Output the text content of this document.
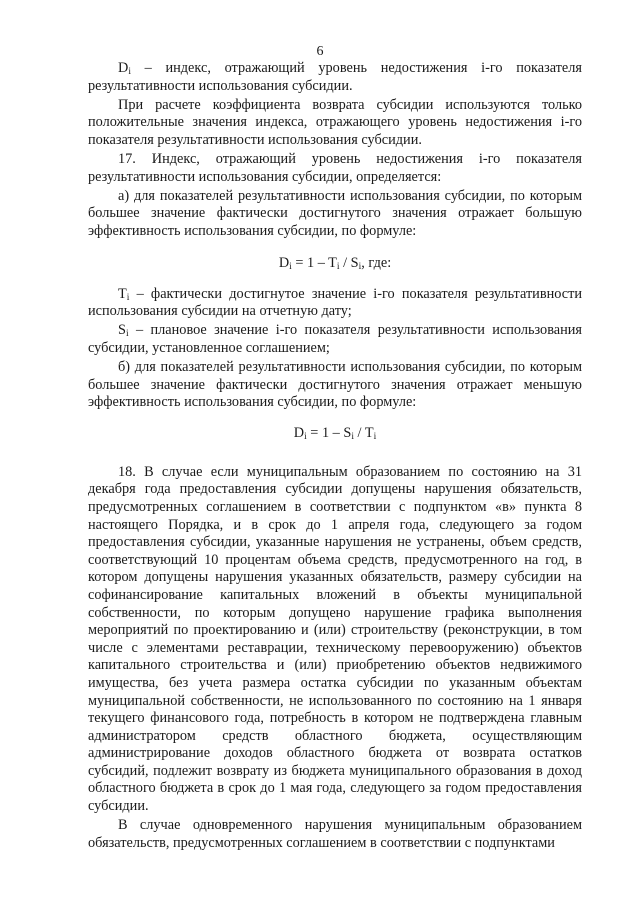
6

$D_i$ – индекс, отражающий уровень недостижения i-го показателя результативности использования субсидии.

При расчете коэффициента возврата субсидии используются только положительные значения индекса, отражающего уровень недостижения i-го показателя результативности использования субсидии.

17. Индекс, отражающий уровень недостижения i-го показателя результативности использования субсидии, определяется:

а) для показателей результативности использования субсидии, по которым большее значение фактически достигнутого значения отражает большую эффективность использования субсидии, по формуле:

$D_i = 1 - T_i / S_i$, где:

$T_i$ – фактически достигнутое значение i-го показателя результативности использования субсидии на отчетную дату;

$S_i$ – плановое значение i-го показателя результативности использования субсидии, установленное соглашением;

б) для показателей результативности использования субсидии, по которым большее значение фактически достигнутого значения отражает меньшую эффективность использования субсидии, по формуле:

$D_i = 1 - S_i / T_i$

18. В случае если муниципальным образованием по состоянию на 31 декабря года предоставления субсидии допущены нарушения обязательств, предусмотренных соглашением в соответствии с подпунктом «в» пункта 8 настоящего Порядка, и в срок до 1 апреля года, следующего за годом предоставления субсидии, указанные нарушения не устранены, объем средств, соответствующий 10 процентам объема средств, предусмотренного на год, в котором допущены нарушения указанных обязательств, размеру субсидии на софинансирование капитальных вложений в объекты муниципальной собственности, по которым допущено нарушение графика выполнения мероприятий по проектированию и (или) строительству (реконструкции, в том числе с элементами реставрации, техническому перевооружению) объектов капитального строительства и (или) приобретению объектов недвижимого имущества, без учета размера остатка субсидии по указанным объектам муниципальной собственности, не использованного по состоянию на 1 января текущего финансового года, потребность в котором не подтверждена главным администратором средств областного бюджета, осуществляющим администрирование доходов областного бюджета от возврата остатков субсидий, подлежит возврату из бюджета муниципального образования в доход областного бюджета в срок до 1 мая года, следующего за годом предоставления субсидии.

В случае одновременного нарушения муниципальным образованием обязательств, предусмотренных соглашением в соответствии с подпунктами
